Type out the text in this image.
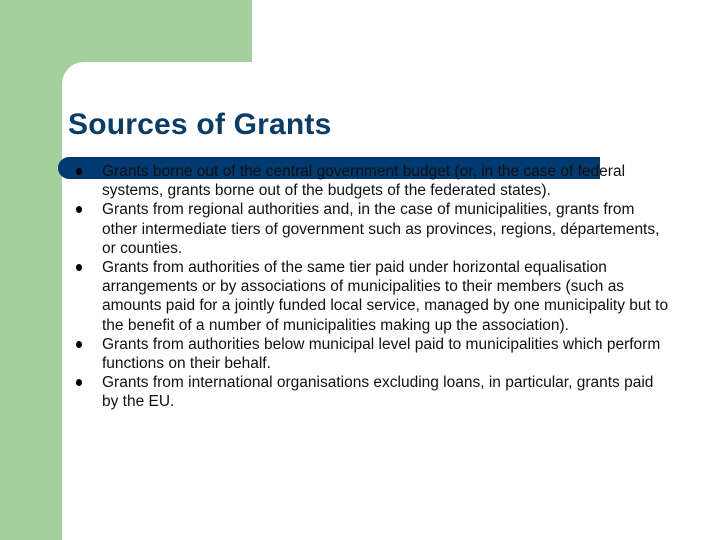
Sources of Grants
Grants borne out of the central government budget (or, in the case of federal systems, grants borne out of the budgets of the federated states).
Grants from regional authorities and, in the case of municipalities, grants from other intermediate tiers of government such as provinces, regions, départements, or counties.
Grants from authorities of the same tier paid under horizontal equalisation arrangements or by associations of municipalities to their members (such as amounts paid for a jointly funded local service, managed by one municipality but to the benefit of a number of municipalities making up the association).
Grants from authorities below municipal level paid to municipalities which perform functions on their behalf.
Grants from international organisations excluding loans, in particular, grants paid by the EU.
